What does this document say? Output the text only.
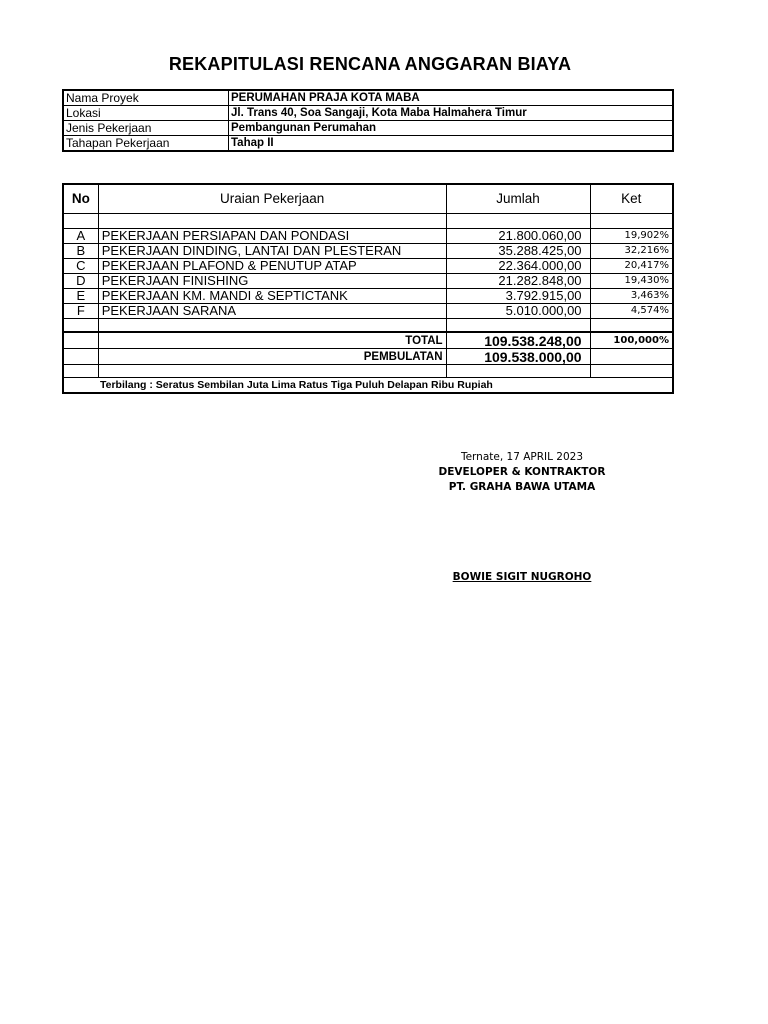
REKAPITULASI RENCANA ANGGARAN BIAYA
Nama Proyek	PERUMAHAN PRAJA KOTA MABA
Lokasi	Jl. Trans 40, Soa Sangaji, Kota Maba Halmahera Timur
Jenis Pekerjaan	Pembangunan Perumahan
Tahapan Pekerjaan	Tahap II
No	Uraian Pekerjaan	Jumlah	Ket

A	PEKERJAAN PERSIAPAN DAN PONDASI	21.800.060,00	19,902%
B	PEKERJAAN DINDING, LANTAI DAN PLESTERAN	35.288.425,00	32,216%
C	PEKERJAAN PLAFOND & PENUTUP ATAP	22.364.000,00	20,417%
D	PEKERJAAN FINISHING	21.282.848,00	19,430%
E	PEKERJAAN KM. MANDI & SEPTICTANK	3.792.915,00	3,463%
F	PEKERJAAN SARANA	5.010.000,00	4,574%

	TOTAL	109.538.248,00	100,000%
	PEMBULATAN	109.538.000,00	

Terbilang : Seratus Sembilan Juta Lima Ratus Tiga Puluh Delapan Ribu Rupiah			
Ternate, 17 APRIL 2023
DEVELOPER & KONTRAKTOR
PT. GRAHA BAWA UTAMA
BOWIE SIGIT NUGROHO
